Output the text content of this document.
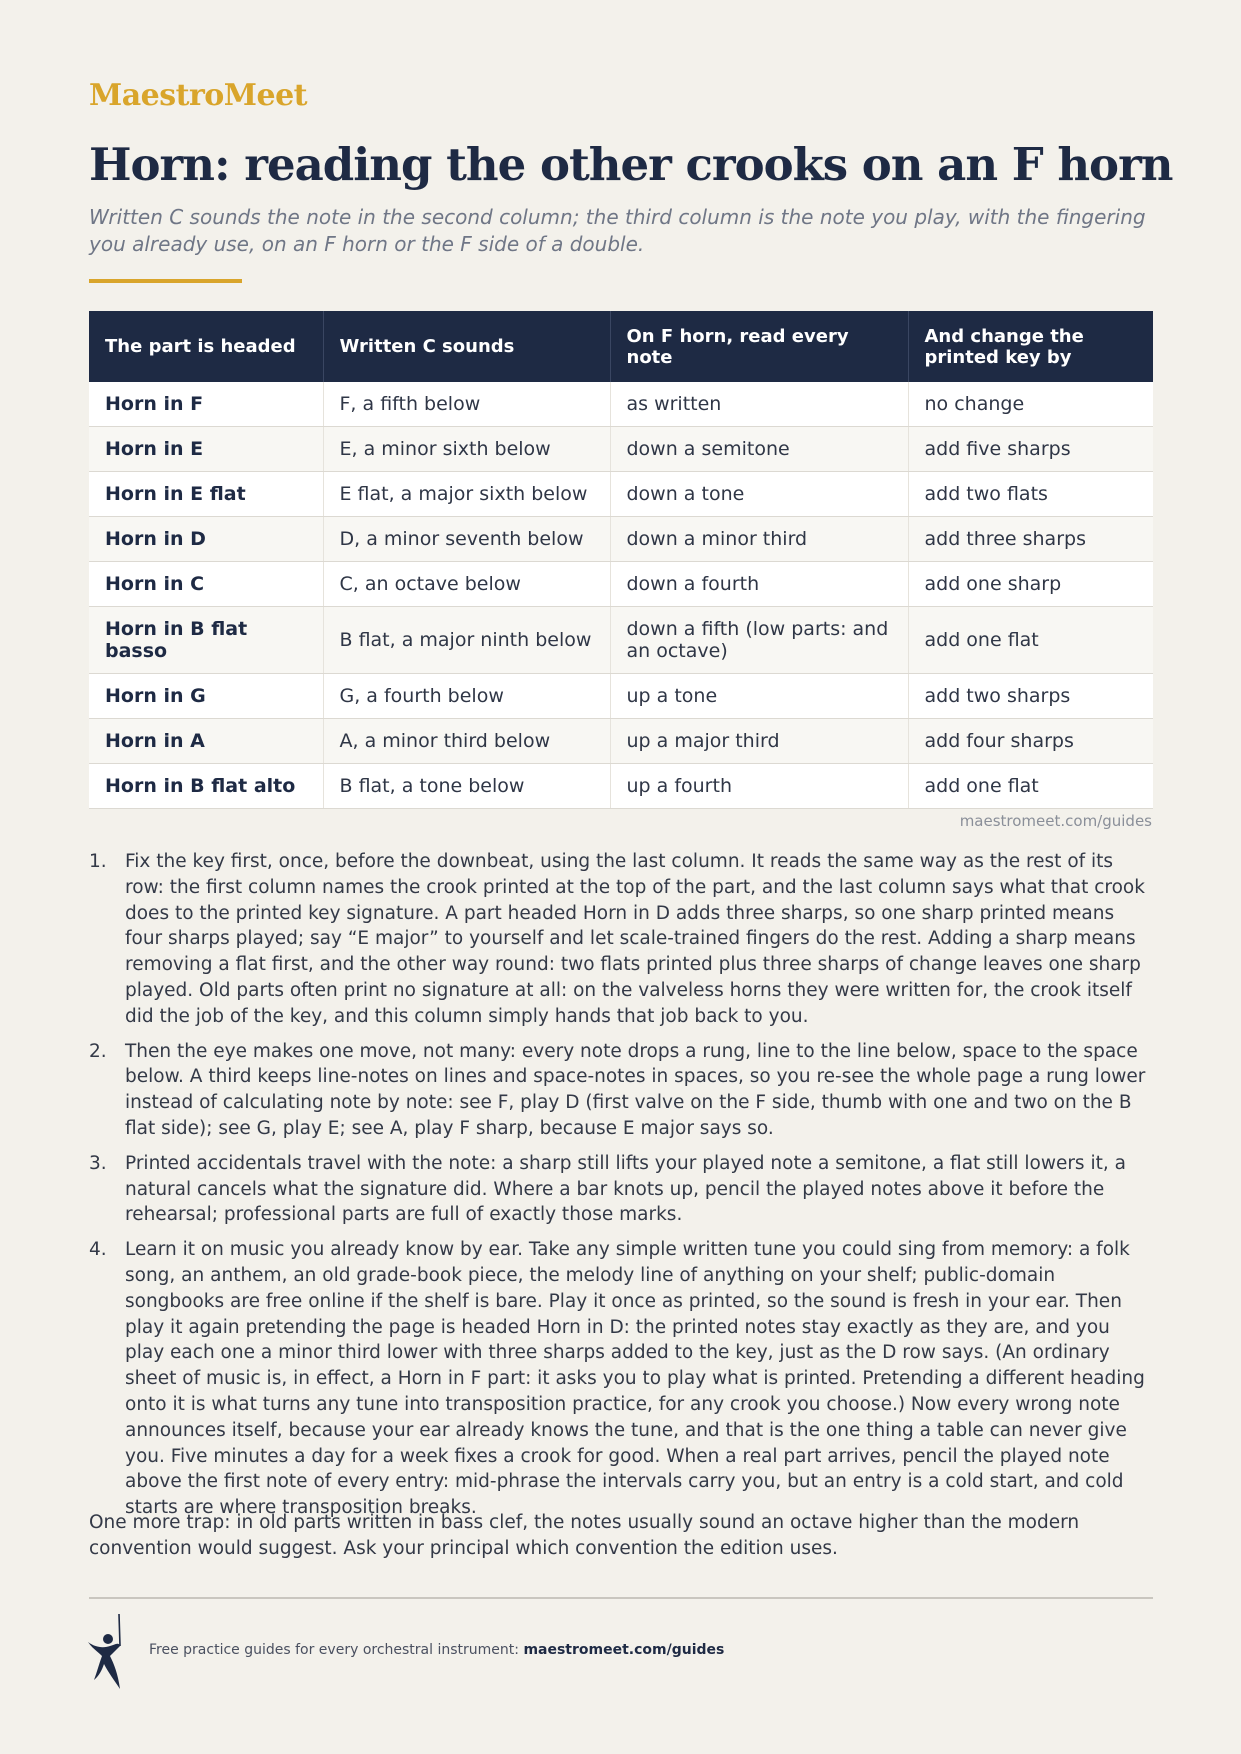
MaestroMeet
Horn: reading the other crooks on an F horn

Written C sounds the note in the second column; the third column is the note you play, with the fingering you already use, on an F horn or the F side of a double.

The part is headed	Written C sounds	On F horn, read every note	And change the printed key by
Horn in F	F, a fifth below	as written	no change
Horn in E	E, a minor sixth below	down a semitone	add five sharps
Horn in E flat	E flat, a major sixth below	down a tone	add two flats
Horn in D	D, a minor seventh below	down a minor third	add three sharps
Horn in C	C, an octave below	down a fourth	add one sharp
Horn in B flat basso	B flat, a major ninth below	down a fifth (low parts: and an octave)	add one flat
Horn in G	G, a fourth below	up a tone	add two sharps
Horn in A	A, a minor third below	up a major third	add four sharps
Horn in B flat alto	B flat, a tone below	up a fourth	add one flat
maestromeet.com/guides
1. Fix the key first, once, before the downbeat, using the last column. It reads the same way as the rest of its row: the first column names the crook printed at the top of the part, and the last column says what that crook does to the printed key signature. A part headed Horn in D adds three sharps, so one sharp printed means four sharps played; say “E major” to yourself and let scale-trained fingers do the rest. Adding a sharp means removing a flat first, and the other way round: two flats printed plus three sharps of change leaves one sharp played. Old parts often print no signature at all: on the valveless horns they were written for, the crook itself did the job of the key, and this column simply hands that job back to you.
2. Then the eye makes one move, not many: every note drops a rung, line to the line below, space to the space below. A third keeps line-notes on lines and space-notes in spaces, so you re-see the whole page a rung lower instead of calculating note by note: see F, play D (first valve on the F side, thumb with one and two on the B flat side); see G, play E; see A, play F sharp, because E major says so.
3. Printed accidentals travel with the note: a sharp still lifts your played note a semitone, a flat still lowers it, a natural cancels what the signature did. Where a bar knots up, pencil the played notes above it before the rehearsal; professional parts are full of exactly those marks.
4. Learn it on music you already know by ear. Take any simple written tune you could sing from memory: a folk song, an anthem, an old grade-book piece, the melody line of anything on your shelf; public-domain songbooks are free online if the shelf is bare. Play it once as printed, so the sound is fresh in your ear. Then play it again pretending the page is headed Horn in D: the printed notes stay exactly as they are, and you play each one a minor third lower with three sharps added to the key, just as the D row says. (An ordinary sheet of music is, in effect, a Horn in F part: it asks you to play what is printed. Pretending a different heading onto it is what turns any tune into transposition practice, for any crook you choose.) Now every wrong note announces itself, because your ear already knows the tune, and that is the one thing a table can never give you. Five minutes a day for a week fixes a crook for good. When a real part arrives, pencil the played note above the first note of every entry: mid-phrase the intervals carry you, but an entry is a cold start, and cold starts are where transposition breaks.

One more trap: in old parts written in bass clef, the notes usually sound an octave higher than the modern convention would suggest. Ask your principal which convention the edition uses.

Free practice guides for every orchestral instrument: maestromeet.com/guides
